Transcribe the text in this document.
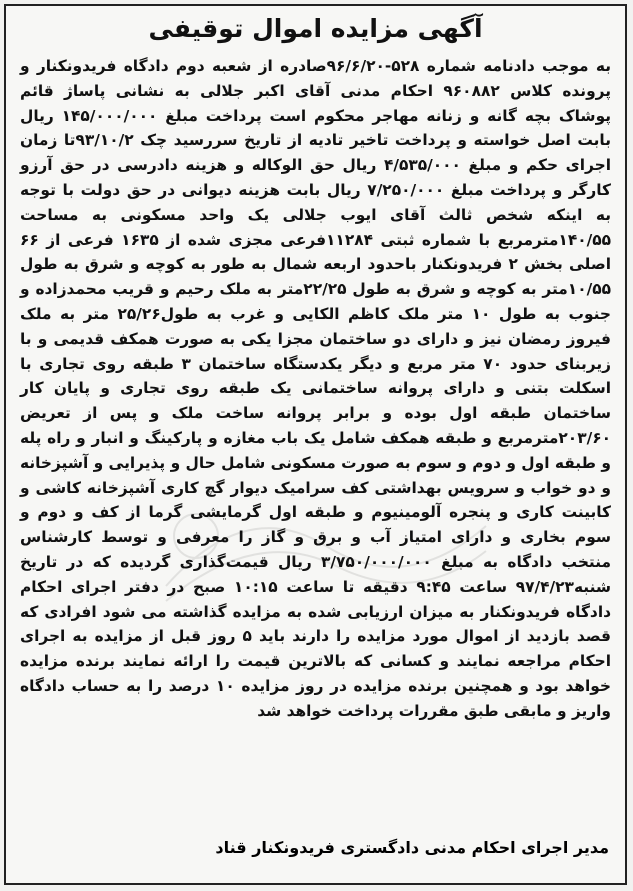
آگهی مزایده اموال توقیفی
به موجب دادنامه شماره ۵۲۸-۹۶/۶/۲۰صادره از شعبه دوم دادگاه فریدونکنار و پرونده کلاس ۹۶۰۸۸۲ احکام مدنی آقای اکبر جلالی به نشانی پاساژ قائم پوشاک بچه گانه و زنانه مهاجر محکوم است پرداخت مبلغ ۱۴۵/۰۰۰/۰۰۰ ریال بابت اصل خواسته و پرداخت تاخیر تادیه از تاریخ سررسید چک ۹۳/۱۰/۲تا زمان اجرای حکم و مبلغ ۴/۵۳۵/۰۰۰ ریال حق الوکاله و هزینه دادرسی در حق آرزو کارگر و پرداخت مبلغ ۷/۲۵۰/۰۰۰ ریال بابت هزینه دیوانی در حق دولت با توجه به اینکه شخص ثالث آقای ایوب جلالی یک واحد مسکونی به مساحت ۱۴۰/۵۵مترمربع با شماره ثبتی ۱۱۲۸۴فرعی مجزی شده از ۱۶۳۵ فرعی از ۶۶ اصلی بخش ۲ فریدونکنار باحدود اربعه شمال به طور به کوچه و شرق به طول ۱۰/۵۵متر به کوچه و شرق به طول ۲۲/۲۵متر به ملک رحیم و قریب محمدزاده و جنوب به طول ۱۰ متر ملک کاظم الکایی و غرب به طول۲۵/۲۶ متر به ملک فیروز رمضان نیز و دارای دو ساختمان مجزا یکی به صورت همکف قدیمی و با زیربنای حدود ۷۰ متر مربع و دیگر یکدستگاه ساختمان ۳ طبقه روی تجاری با اسکلت بتنی و دارای پروانه ساختمانی یک طبقه روی تجاری و پایان کار ساختمان طبقه اول بوده و برابر پروانه ساخت ملک و پس از تعریض ۲۰۳/۶۰مترمربع و طبقه همکف شامل یک باب مغازه و پارکینگ و انبار و راه پله و طبقه اول و دوم و سوم به صورت مسکونی شامل حال و پذیرایی و آشپزخانه و دو خواب و سرویس بهداشتی کف سرامیک دیوار گچ کاری آشپزخانه کاشی و کابینت کاری و پنجره آلومینیوم و طبقه اول گرمایشی گرما از کف و دوم و سوم بخاری و دارای امتیاز آب و برق و گاز را معرفی و توسط کارشناس منتخب دادگاه به مبلغ ۳/۷۵۰/۰۰۰/۰۰۰ ریال قیمت‌گذاری گردیده که در تاریخ شنبه۹۷/۴/۲۳ ساعت ۹:۴۵ دقیقه تا ساعت ۱۰:۱۵ صبح در دفتر اجرای احکام دادگاه فریدونکنار به میزان ارزیابی شده به مزایده گذاشته می شود افرادی که قصد بازدید از اموال مورد مزایده را دارند باید ۵ روز قبل از مزایده به اجرای احکام مراجعه نمایند و کسانی که بالاترین قیمت را ارائه نمایند برنده مزایده خواهد بود و همچنین برنده مزایده در روز مزایده ۱۰ درصد را به حساب دادگاه واریز و مابقی طبق مقررات پرداخت خواهد شد
مدیر اجرای احکام مدنی دادگستری فریدونکنار قناد
